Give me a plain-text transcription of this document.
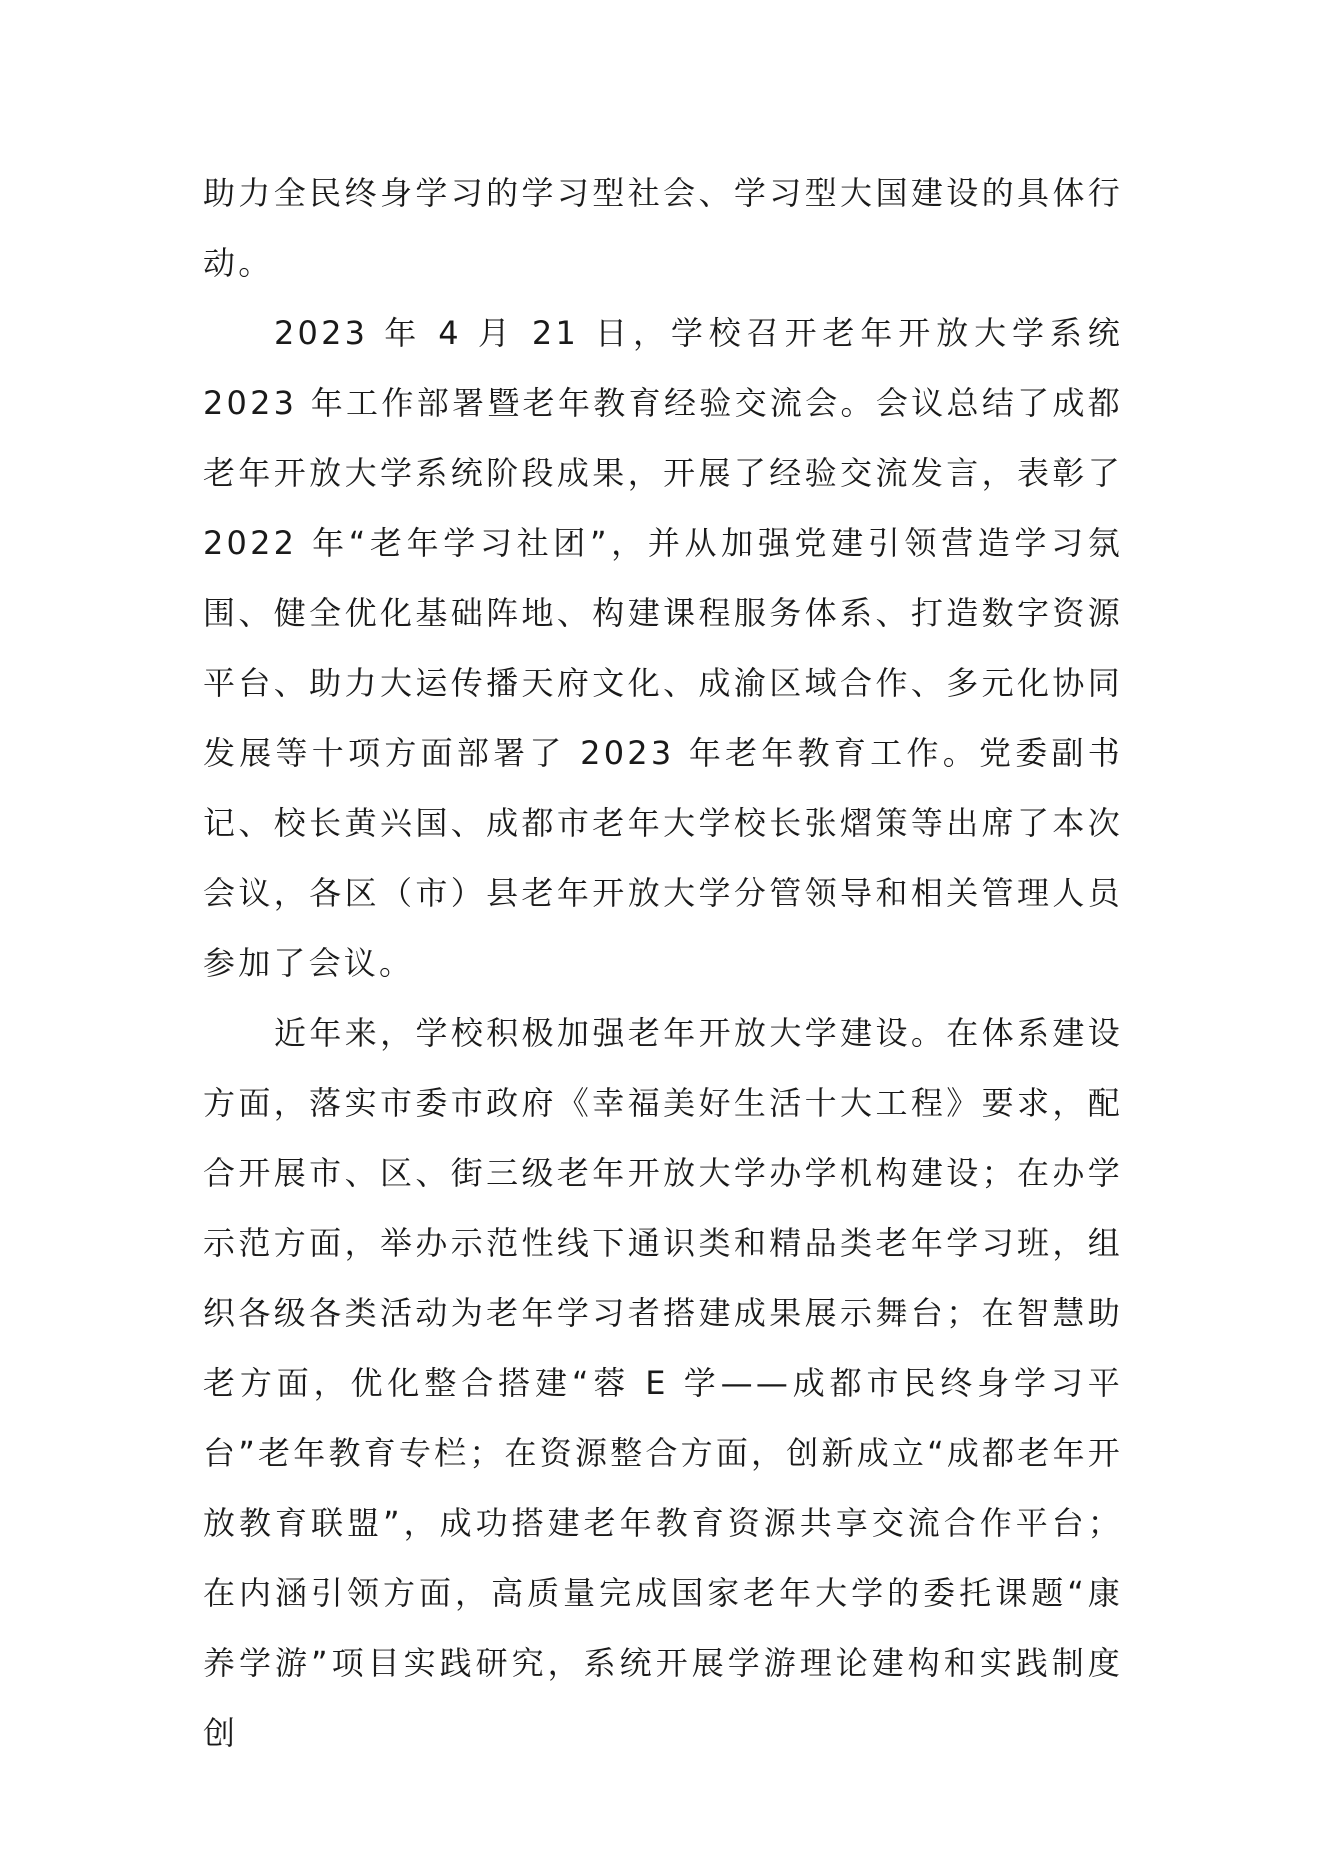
助力全民终身学习的学习型社会、学习型大国建设的具体行动。

2023 年 4 月 21 日，学校召开老年开放大学系统 2023 年工作部署暨老年教育经验交流会。会议总结了成都老年开放大学系统阶段成果，开展了经验交流发言，表彰了 2022 年“老年学习社团”，并从加强党建引领营造学习氛围、健全优化基础阵地、构建课程服务体系、打造数字资源平台、助力大运传播天府文化、成渝区域合作、多元化协同发展等十项方面部署了 2023 年老年教育工作。党委副书记、校长黄兴国、成都市老年大学校长张熠策等出席了本次会议，各区（市）县老年开放大学分管领导和相关管理人员参加了会议。

近年来，学校积极加强老年开放大学建设。在体系建设方面，落实市委市政府《幸福美好生活十大工程》要求，配合开展市、区、街三级老年开放大学办学机构建设；在办学示范方面，举办示范性线下通识类和精品类老年学习班，组织各级各类活动为老年学习者搭建成果展示舞台；在智慧助老方面，优化整合搭建“蓉 E 学——成都市民终身学习平台”老年教育专栏；在资源整合方面，创新成立“成都老年开放教育联盟”，成功搭建老年教育资源共享交流合作平台；在内涵引领方面，高质量完成国家老年大学的委托课题“康养学游”项目实践研究，系统开展学游理论建构和实践制度创
